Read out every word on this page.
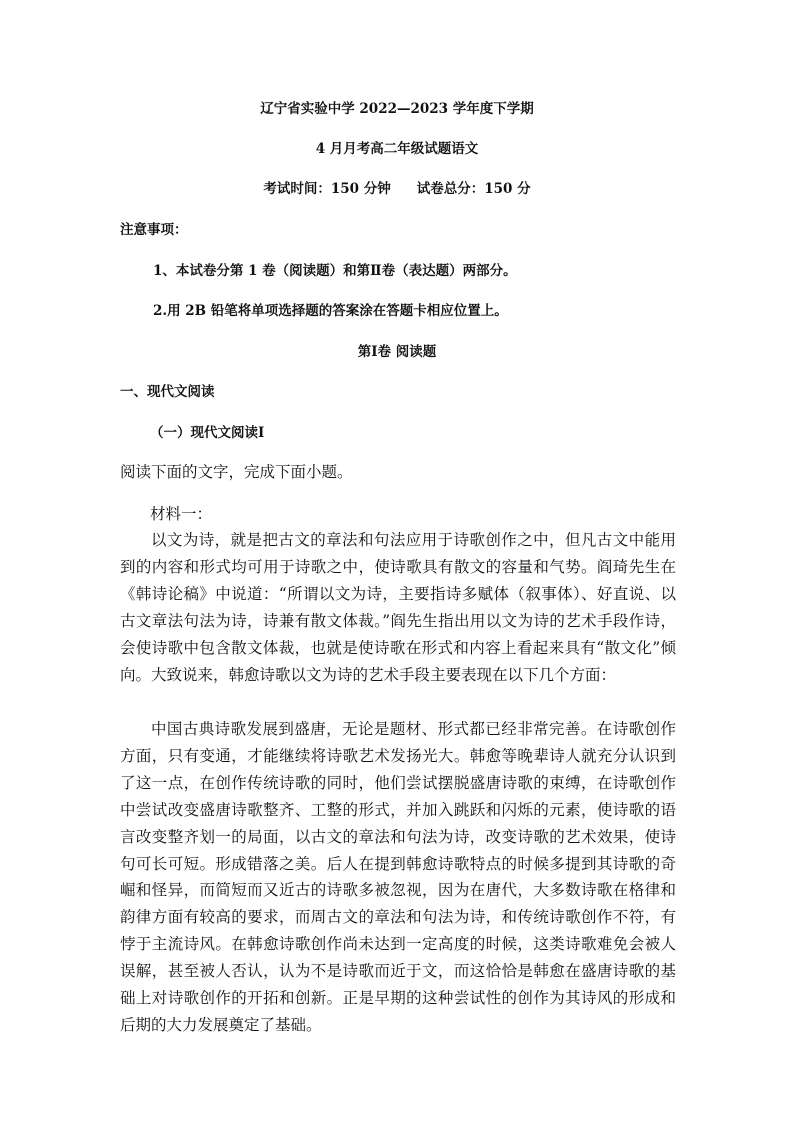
辽宁省实验中学 2022—2023 学年度下学期
4 月月考高二年级试题语文
考试时间：150 分钟 试卷总分：150 分
注意事项：
1、本试卷分第 1 卷（阅读题）和第Ⅱ卷（表达题）两部分。
2.用 2B 铅笔将单项选择题的答案涂在答题卡相应位置上。
第Ⅰ卷 阅读题
一、现代文阅读
（一）现代文阅读Ⅰ
阅读下面的文字，完成下面小题。
材料一：

以文为诗，就是把古文的章法和句法应用于诗歌创作之中，但凡古文中能用到的内容和形式均可用于诗歌之中，使诗歌具有散文的容量和气势。阎琦先生在《韩诗论稿》中说道：“所谓以文为诗，主要指诗多赋体（叙事体）、好直说、以古文章法句法为诗，诗兼有散文体裁。”阎先生指出用以文为诗的艺术手段作诗，会使诗歌中包含散文体裁，也就是使诗歌在形式和内容上看起来具有“散文化”倾向。大致说来，韩愈诗歌以文为诗的艺术手段主要表现在以下几个方面：

中国古典诗歌发展到盛唐，无论是题材、形式都已经非常完善。在诗歌创作方面，只有变通，才能继续将诗歌艺术发扬光大。韩愈等晚辈诗人就充分认识到了这一点，在创作传统诗歌的同时，他们尝试摆脱盛唐诗歌的束缚，在诗歌创作中尝试改变盛唐诗歌整齐、工整的形式，并加入跳跃和闪烁的元素，使诗歌的语言改变整齐划一的局面，以古文的章法和句法为诗，改变诗歌的艺术效果，使诗句可长可短。形成错落之美。后人在提到韩愈诗歌特点的时候多提到其诗歌的奇崛和怪异，而简短而又近古的诗歌多被忽视，因为在唐代，大多数诗歌在格律和韵律方面有较高的要求，而周古文的章法和句法为诗，和传统诗歌创作不符，有悖于主流诗风。在韩愈诗歌创作尚未达到一定高度的时候，这类诗歌难免会被人误解，甚至被人否认，认为不是诗歌而近于文，而这恰恰是韩愈在盛唐诗歌的基础上对诗歌创作的开拓和创新。正是早期的这种尝试性的创作为其诗风的形成和后期的大力发展奠定了基础。
